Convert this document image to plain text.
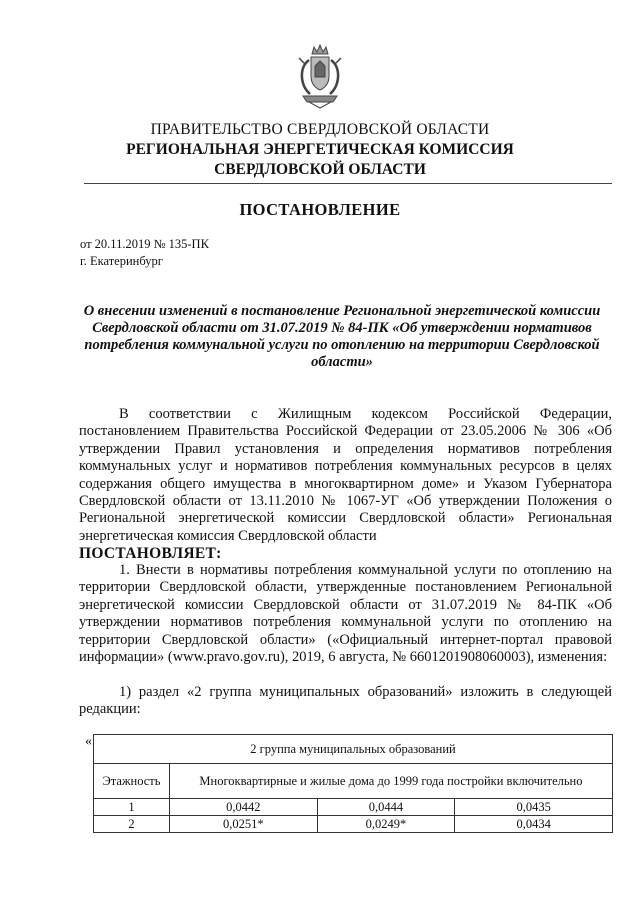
ПРАВИТЕЛЬСТВО СВЕРДЛОВСКОЙ ОБЛАСТИ
РЕГИОНАЛЬНАЯ ЭНЕРГЕТИЧЕСКАЯ КОМИССИЯ
СВЕРДЛОВСКОЙ ОБЛАСТИ
ПОСТАНОВЛЕНИЕ
от 20.11.2019 № 135-ПК
г. Екатеринбург
О внесении изменений в постановление Региональной энергетической комиссии Свердловской области от 31.07.2019 № 84-ПК «Об утверждении нормативов потребления коммунальной услуги по отоплению на территории Свердловской области»
В соответствии с Жилищным кодексом Российской Федерации, постановлением Правительства Российской Федерации от 23.05.2006 № 306 «Об утверждении Правил установления и определения нормативов потребления коммунальных услуг и нормативов потребления коммунальных ресурсов в целях содержания общего имущества в многоквартирном доме» и Указом Губернатора Свердловской области от 13.11.2010 № 1067-УГ «Об утверждении Положения о Региональной энергетической комиссии Свердловской области» Региональная энергетическая комиссия Свердловской области
ПОСТАНОВЛЯЕТ:
1. Внести в нормативы потребления коммунальной услуги по отоплению на территории Свердловской области, утвержденные постановлением Региональной энергетической комиссии Свердловской области от 31.07.2019 № 84-ПК «Об утверждении нормативов потребления коммунальной услуги по отоплению на территории Свердловской области» («Официальный интернет-портал правовой информации» (www.pravo.gov.ru), 2019, 6 августа, № 6601201908060003), изменения:
1) раздел «2 группа муниципальных образований» изложить в следующей редакции:
«	2 группа муниципальных образований			
Этажность	Многоквартирные и жилые дома до 1999 года постройки включительно		
1	0,0442	0,0444	0,0435
2	0,0251*	0,0249*	0,0434
